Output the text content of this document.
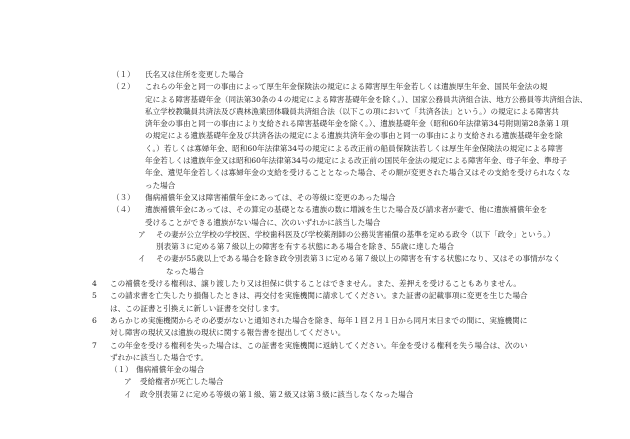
（１） 氏名又は住所を変更した場合
（２） これらの年金と同一の事由によって厚生年金保険法の規定による障害厚生年金若しくは遺族厚生年金、国民年金法の規
定による障害基礎年金（同法第30条の４の規定による障害基礎年金を除く。）、国家公務員共済組合法、地方公務員等共済組合法、
私立学校教職員共済法及び農林漁業団体職員共済組合法（以下この項において「共済各法」という。）の規定による障害共
済年金の事由と同一の事由により支給される障害基礎年金を除く。）、遺族基礎年金（昭和60年法律第34号附則第28条第１項
の規定による遺族基礎年金及び共済各法の規定による遺族共済年金の事由と同一の事由により支給される遺族基礎年金を除
く。）若しくは寡婦年金、昭和60年法律第34号の規定による改正前の船員保険法若しくは厚生年金保険法の規定による障害
年金若しくは遺族年金又は昭和60年法律第34号の規定による改正前の国民年金法の規定による障害年金、母子年金、準母子
年金、遺児年金若しくは寡婦年金の支給を受けることとなった場合、その額が変更された場合又はその支給を受けられなくな
った場合
（３） 傷病補償年金又は障害補償年金にあっては、その等級に変更のあった場合
（４） 遺族補償年金にあっては、その算定の基礎となる遺族の数に増減を生じた場合及び請求者が妻で、他に遺族補償年金を
受けることができる遺族がない場合に、次のいずれかに該当した場合
ア その妻が公立学校の学校医、学校歯科医及び学校薬剤師の公務災害補償の基準を定める政令（以下「政令」という。）
別表第３に定める第７級以上の障害を有する状態にある場合を除き、55歳に達した場合
イ その妻が55歳以上である場合を除き政令別表第３に定める第７級以上の障害を有する状態になり、又はその事情がなく
なった場合
4 この補償を受ける権利は、譲り渡したり又は担保に供することはできません。また、差押えを受けることもありません。
5 この請求書を亡失したり損傷したときは、再交付を実施機関に請求してください。また証書の記載事項に変更を生じた場合
は、この証書と引換えに新しい証書を交付します。
6 あらかじめ実施機関からその必要がないと通知された場合を除き、毎年１回２月１日から同月末日までの間に、実施機関に
対し障害の現状又は遺族の現状に関する報告書を提出してください。
7 この年金を受ける権利を失った場合は、この証書を実施機関に返納してください。年金を受ける権利を失う場合は、次のい
ずれかに該当した場合です。
（１） 傷病補償年金の場合
ア 受給権者が死亡した場合
イ 政令別表第２に定める等級の第１級、第２級又は第３級に該当しなくなった場合
